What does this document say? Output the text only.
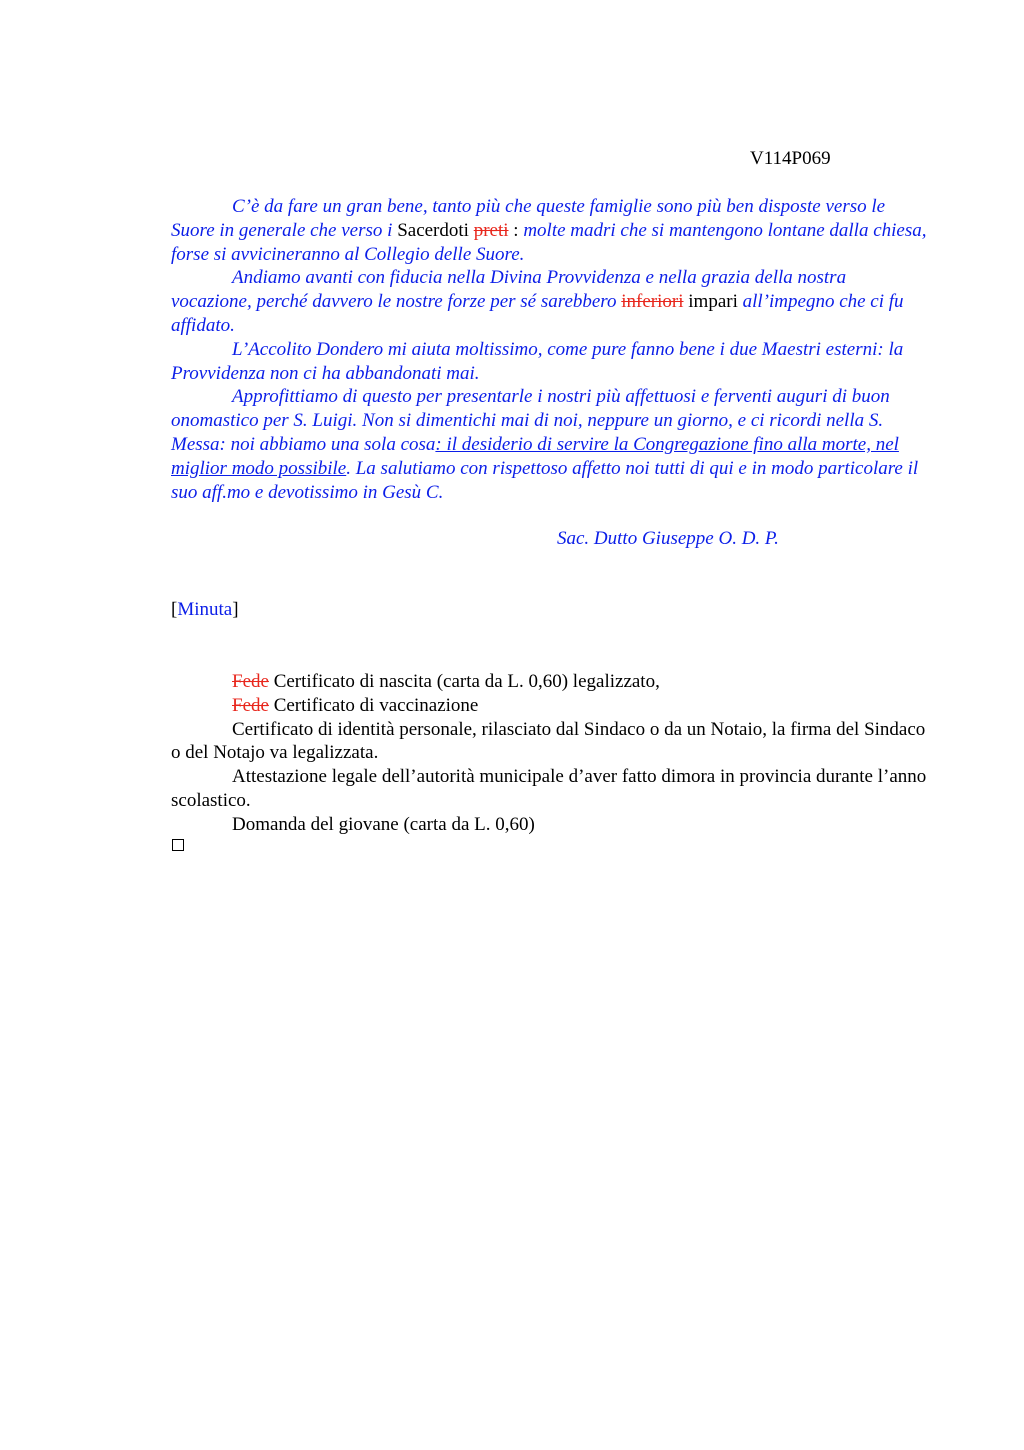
V114P069

C’è da fare un gran bene, tanto più che queste famiglie sono più ben disposte verso le Suore in generale che verso i Sacerdoti preti : molte madri che si mantengono lontane dalla chiesa, forse si avvicineranno al Collegio delle Suore.

Andiamo avanti con fiducia nella Divina Provvidenza e nella grazia della nostra vocazione, perché davvero le nostre forze per sé sarebbero inferiori impari all’impegno che ci fu affidato.

L’Accolito Dondero mi aiuta moltissimo, come pure fanno bene i due Maestri esterni: la Provvidenza non ci ha abbandonati mai.

Approfittiamo di questo per presentarle i nostri più affettuosi e ferventi auguri di buon onomastico per S. Luigi. Non si dimentichi mai di noi, neppure un giorno, e ci ricordi nella S. Messa: noi abbiamo una sola cosa: il desiderio di servire la Congregazione fino alla morte, nel miglior modo possibile. La salutiamo con rispettoso affetto noi tutti di qui e in modo particolare il suo aff.mo e devotissimo in Gesù C.

Sac. Dutto Giuseppe O. D. P.
[Minuta]

Fede Certificato di nascita (carta da L. 0,60) legalizzato,

Fede Certificato di vaccinazione

Certificato di identità personale, rilasciato dal Sindaco o da un Notaio, la firma del Sindaco o del Notajo va legalizzata.

Attestazione legale dell’autorità municipale d’aver fatto dimora in provincia durante l’anno scolastico.

Domanda del giovane (carta da L. 0,60)
